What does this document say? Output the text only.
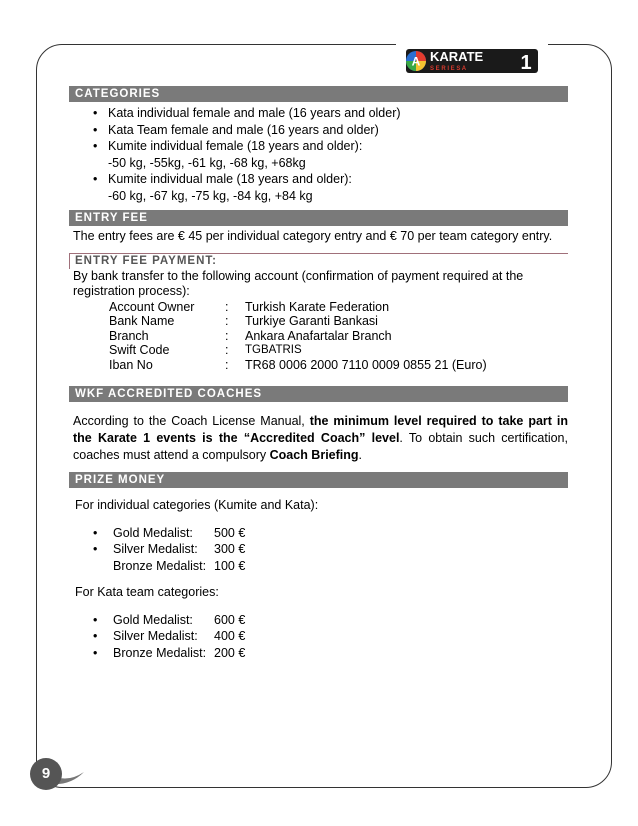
A KARATE
S E R I E S A	1
CATEGORIES
• Kata individual female and male (16 years and older)
• Kata Team female and male (16 years and older)
• Kumite individual female (18 years and older):
-50 kg, -55kg, -61 kg, -68 kg, +68kg
• Kumite individual male (18 years and older):
-60 kg, -67 kg, -75 kg, -84 kg, +84 kg
ENTRY FEE
The entry fees are € 45 per individual category entry and € 70 per team category entry.
ENTRY FEE PAYMENT:
By bank transfer to the following account (confirmation of payment required at the registration process):
Account Owner	:	Turkish Karate Federation
Bank Name	:	Turkiye Garanti Bankasi
Branch	:	Ankara Anafartalar Branch
Swift Code	:	TGBATRIS
Iban No	:	TR68 0006 2000 7110 0009 0855 21 (Euro)
WKF ACCREDITED COACHES
According to the Coach License Manual, the minimum level required to take part in the Karate 1 events is the “Accredited Coach” level. To obtain such certification, coaches must attend a compulsory Coach Briefing.
PRIZE MONEY
For individual categories (Kumite and Kata):
• Gold Medalist: 500 €
• Silver Medalist: 300 €
Bronze Medalist: 100 €
For Kata team categories:
• Gold Medalist: 600 €
• Silver Medalist: 400 €
• Bronze Medalist: 200 €
9
